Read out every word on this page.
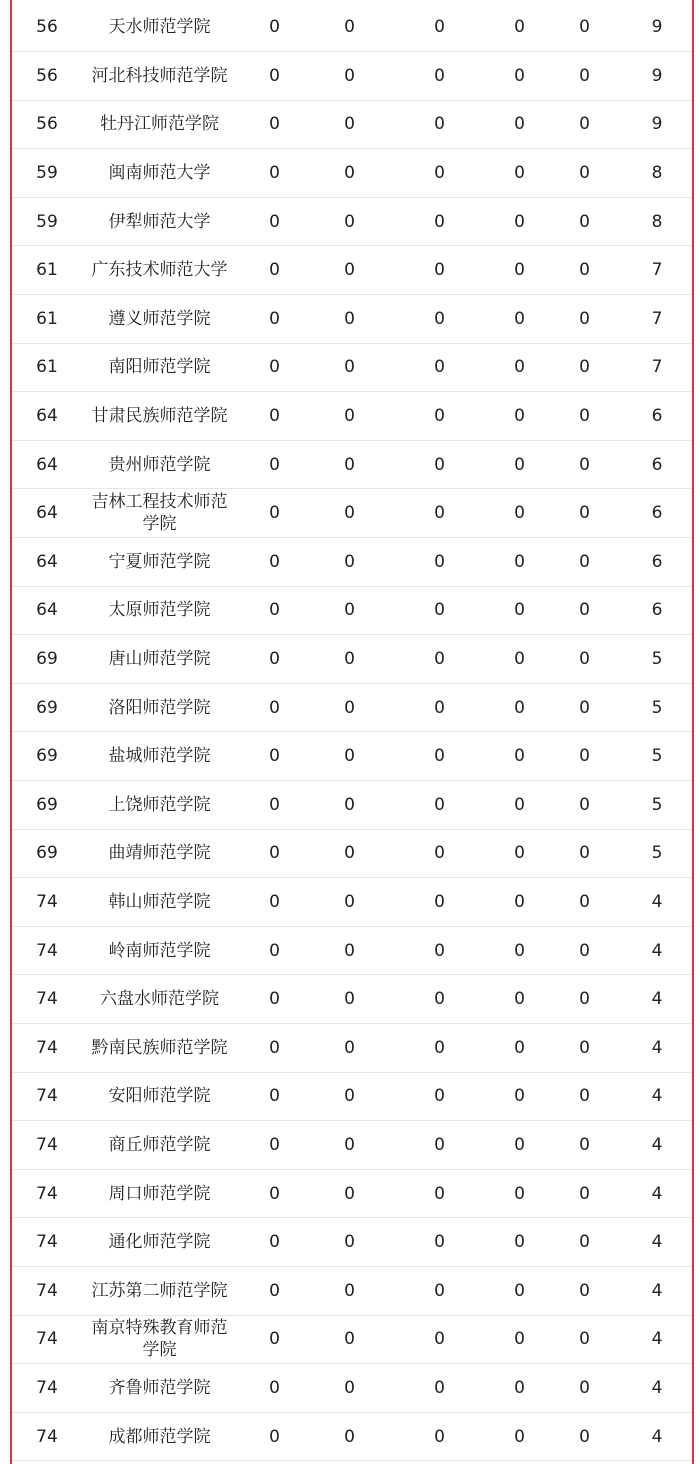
56	天水师范学院	0	0	0	0	0	9
56	河北科技师范学院	0	0	0	0	0	9
56	牡丹江师范学院	0	0	0	0	0	9
59	闽南师范大学	0	0	0	0	0	8
59	伊犁师范大学	0	0	0	0	0	8
61	广东技术师范大学	0	0	0	0	0	7
61	遵义师范学院	0	0	0	0	0	7
61	南阳师范学院	0	0	0	0	0	7
64	甘肃民族师范学院	0	0	0	0	0	6
64	贵州师范学院	0	0	0	0	0	6
64	吉林工程技术师范学院	0	0	0	0	0	6
64	宁夏师范学院	0	0	0	0	0	6
64	太原师范学院	0	0	0	0	0	6
69	唐山师范学院	0	0	0	0	0	5
69	洛阳师范学院	0	0	0	0	0	5
69	盐城师范学院	0	0	0	0	0	5
69	上饶师范学院	0	0	0	0	0	5
69	曲靖师范学院	0	0	0	0	0	5
74	韩山师范学院	0	0	0	0	0	4
74	岭南师范学院	0	0	0	0	0	4
74	六盘水师范学院	0	0	0	0	0	4
74	黔南民族师范学院	0	0	0	0	0	4
74	安阳师范学院	0	0	0	0	0	4
74	商丘师范学院	0	0	0	0	0	4
74	周口师范学院	0	0	0	0	0	4
74	通化师范学院	0	0	0	0	0	4
74	江苏第二师范学院	0	0	0	0	0	4
74	南京特殊教育师范学院	0	0	0	0	0	4
74	齐鲁师范学院	0	0	0	0	0	4
74	成都师范学院	0	0	0	0	0	4
